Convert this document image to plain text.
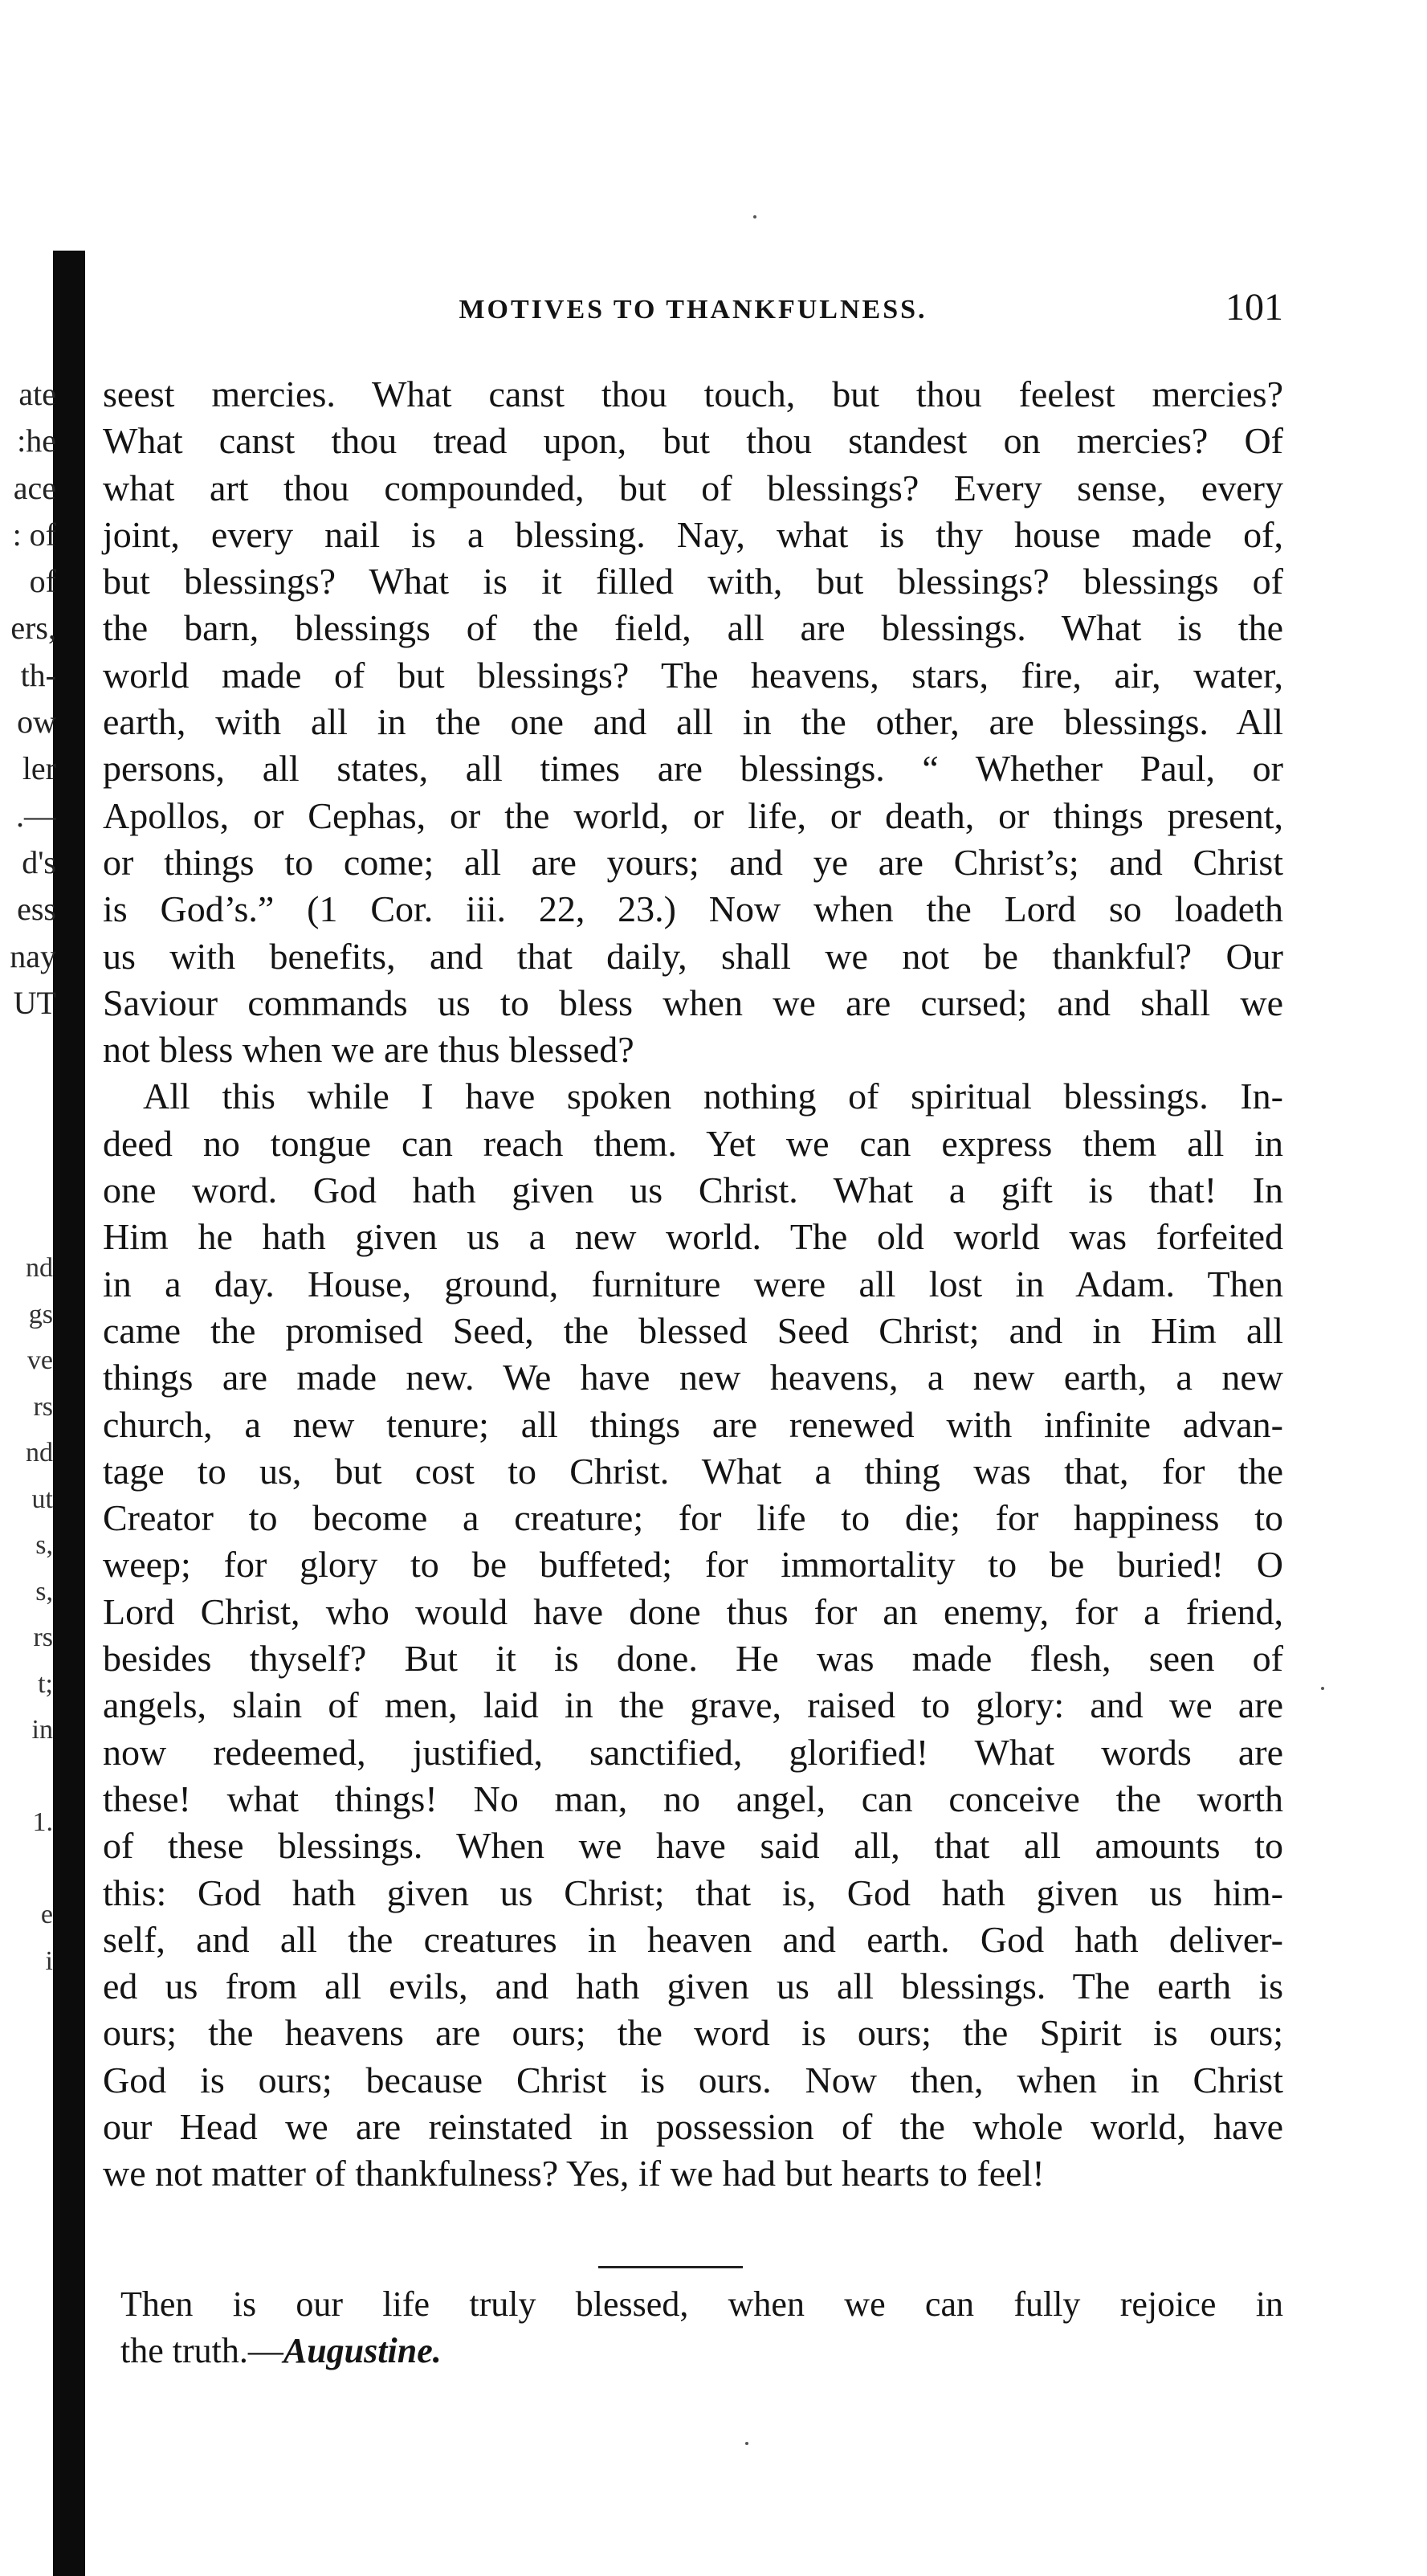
ate
:he
ace
: of
of
ers,
th-
ow
ler
.—
d's
ess
nay
UT
nd
gs
ve
rs
nd
ut
s,
s,
rs
t;
in
1.
e
i
MOTIVES TO THANKFULNESS.	101
seest mercies. What canst thou touch, but thou feelest mercies?
What canst thou tread upon, but thou standest on mercies? Of
what art thou compounded, but of blessings? Every sense, every
joint, every nail is a blessing. Nay, what is thy house made of,
but blessings? What is it filled with, but blessings? blessings of
the barn, blessings of the field, all are blessings. What is the
world made of but blessings? The heavens, stars, fire, air, water,
earth, with all in the one and all in the other, are blessings. All
persons, all states, all times are blessings. “ Whether Paul, or
Apollos, or Cephas, or the world, or life, or death, or things present,
or things to come; all are yours; and ye are Christ’s; and Christ
is God’s.” (1 Cor. iii. 22, 23.) Now when the Lord so loadeth
us with benefits, and that daily, shall we not be thankful? Our
Saviour commands us to bless when we are cursed; and shall we
not bless when we are thus blessed?
All this while I have spoken nothing of spiritual blessings. In-
deed no tongue can reach them. Yet we can express them all in
one word. God hath given us Christ. What a gift is that! In
Him he hath given us a new world. The old world was forfeited
in a day. House, ground, furniture were all lost in Adam. Then
came the promised Seed, the blessed Seed Christ; and in Him all
things are made new. We have new heavens, a new earth, a new
church, a new tenure; all things are renewed with infinite advan-
tage to us, but cost to Christ. What a thing was that, for the
Creator to become a creature; for life to die; for happiness to
weep; for glory to be buffeted; for immortality to be buried! O
Lord Christ, who would have done thus for an enemy, for a friend,
besides thyself? But it is done. He was made flesh, seen of
angels, slain of men, laid in the grave, raised to glory: and we are
now redeemed, justified, sanctified, glorified! What words are
these! what things! No man, no angel, can conceive the worth
of these blessings. When we have said all, that all amounts to
this: God hath given us Christ; that is, God hath given us him-
self, and all the creatures in heaven and earth. God hath deliver-
ed us from all evils, and hath given us all blessings. The earth is
ours; the heavens are ours; the word is ours; the Spirit is ours;
God is ours; because Christ is ours. Now then, when in Christ
our Head we are reinstated in possession of the whole world, have
we not matter of thankfulness? Yes, if we had but hearts to feel!
Then is our life truly blessed, when we can fully rejoice in
the truth.—Augustine.
